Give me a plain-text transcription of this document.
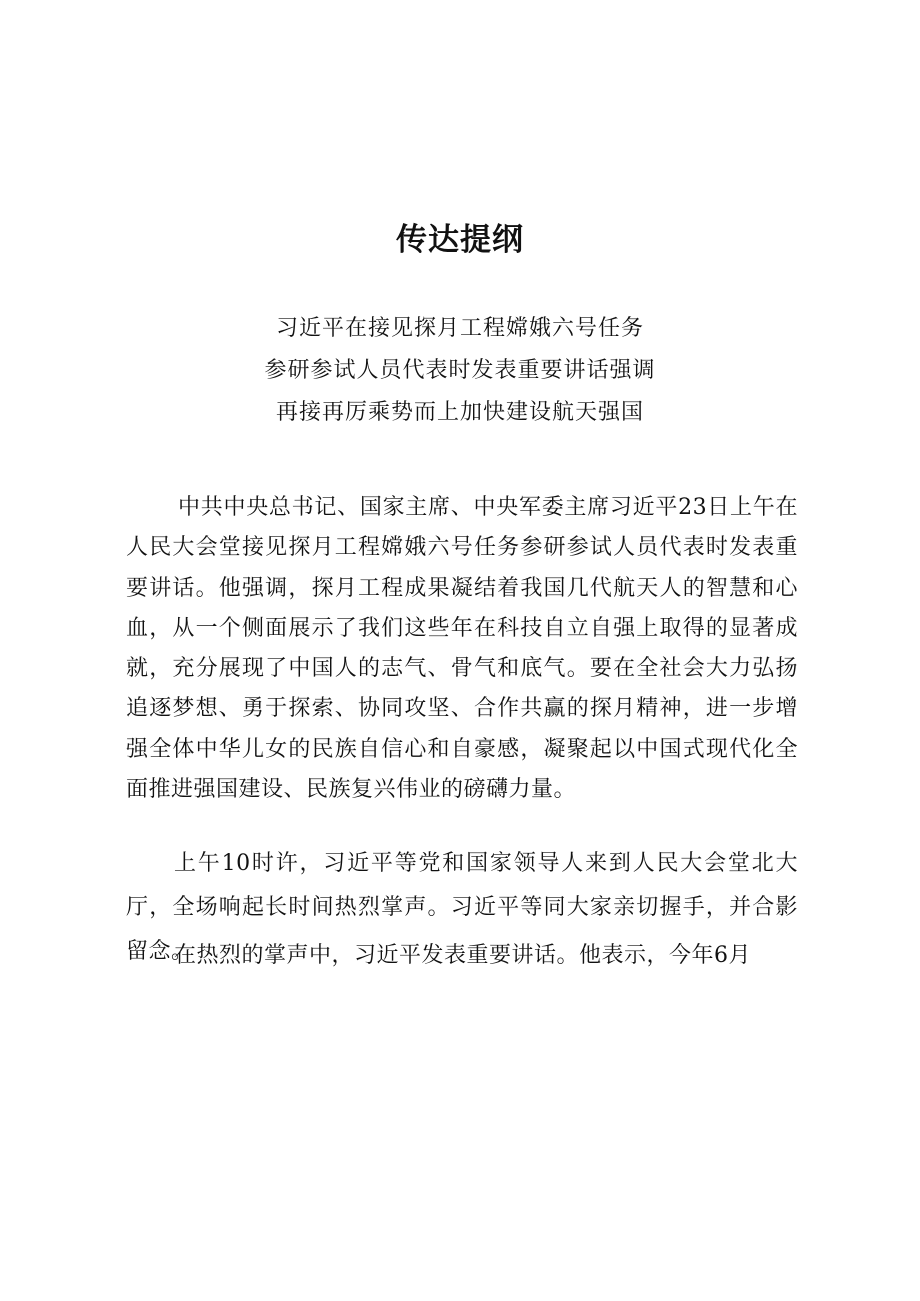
传达提纲
习近平在接见探月工程嫦娥六号任务
参研参试人员代表时发表重要讲话强调
再接再厉乘势而上加快建设航天强国

中共中央总书记、国家主席、中央军委主席习近平23日上午在人民大会堂接见探月工程嫦娥六号任务参研参试人员代表时发表重要讲话。他强调，探月工程成果凝结着我国几代航天人的智慧和心血，从一个侧面展示了我们这些年在科技自立自强上取得的显著成就，充分展现了中国人的志气、骨气和底气。要在全社会大力弘扬追逐梦想、勇于探索、协同攻坚、合作共赢的探月精神，进一步增强全体中华儿女的民族自信心和自豪感，凝聚起以中国式现代化全面推进强国建设、民族复兴伟业的磅礴力量。

上午10时许，习近平等党和国家领导人来到人民大会堂北大厅，全场响起长时间热烈掌声。习近平等同大家亲切握手，并合影留念。

在热烈的掌声中，习近平发表重要讲话。他表示，今年6月
